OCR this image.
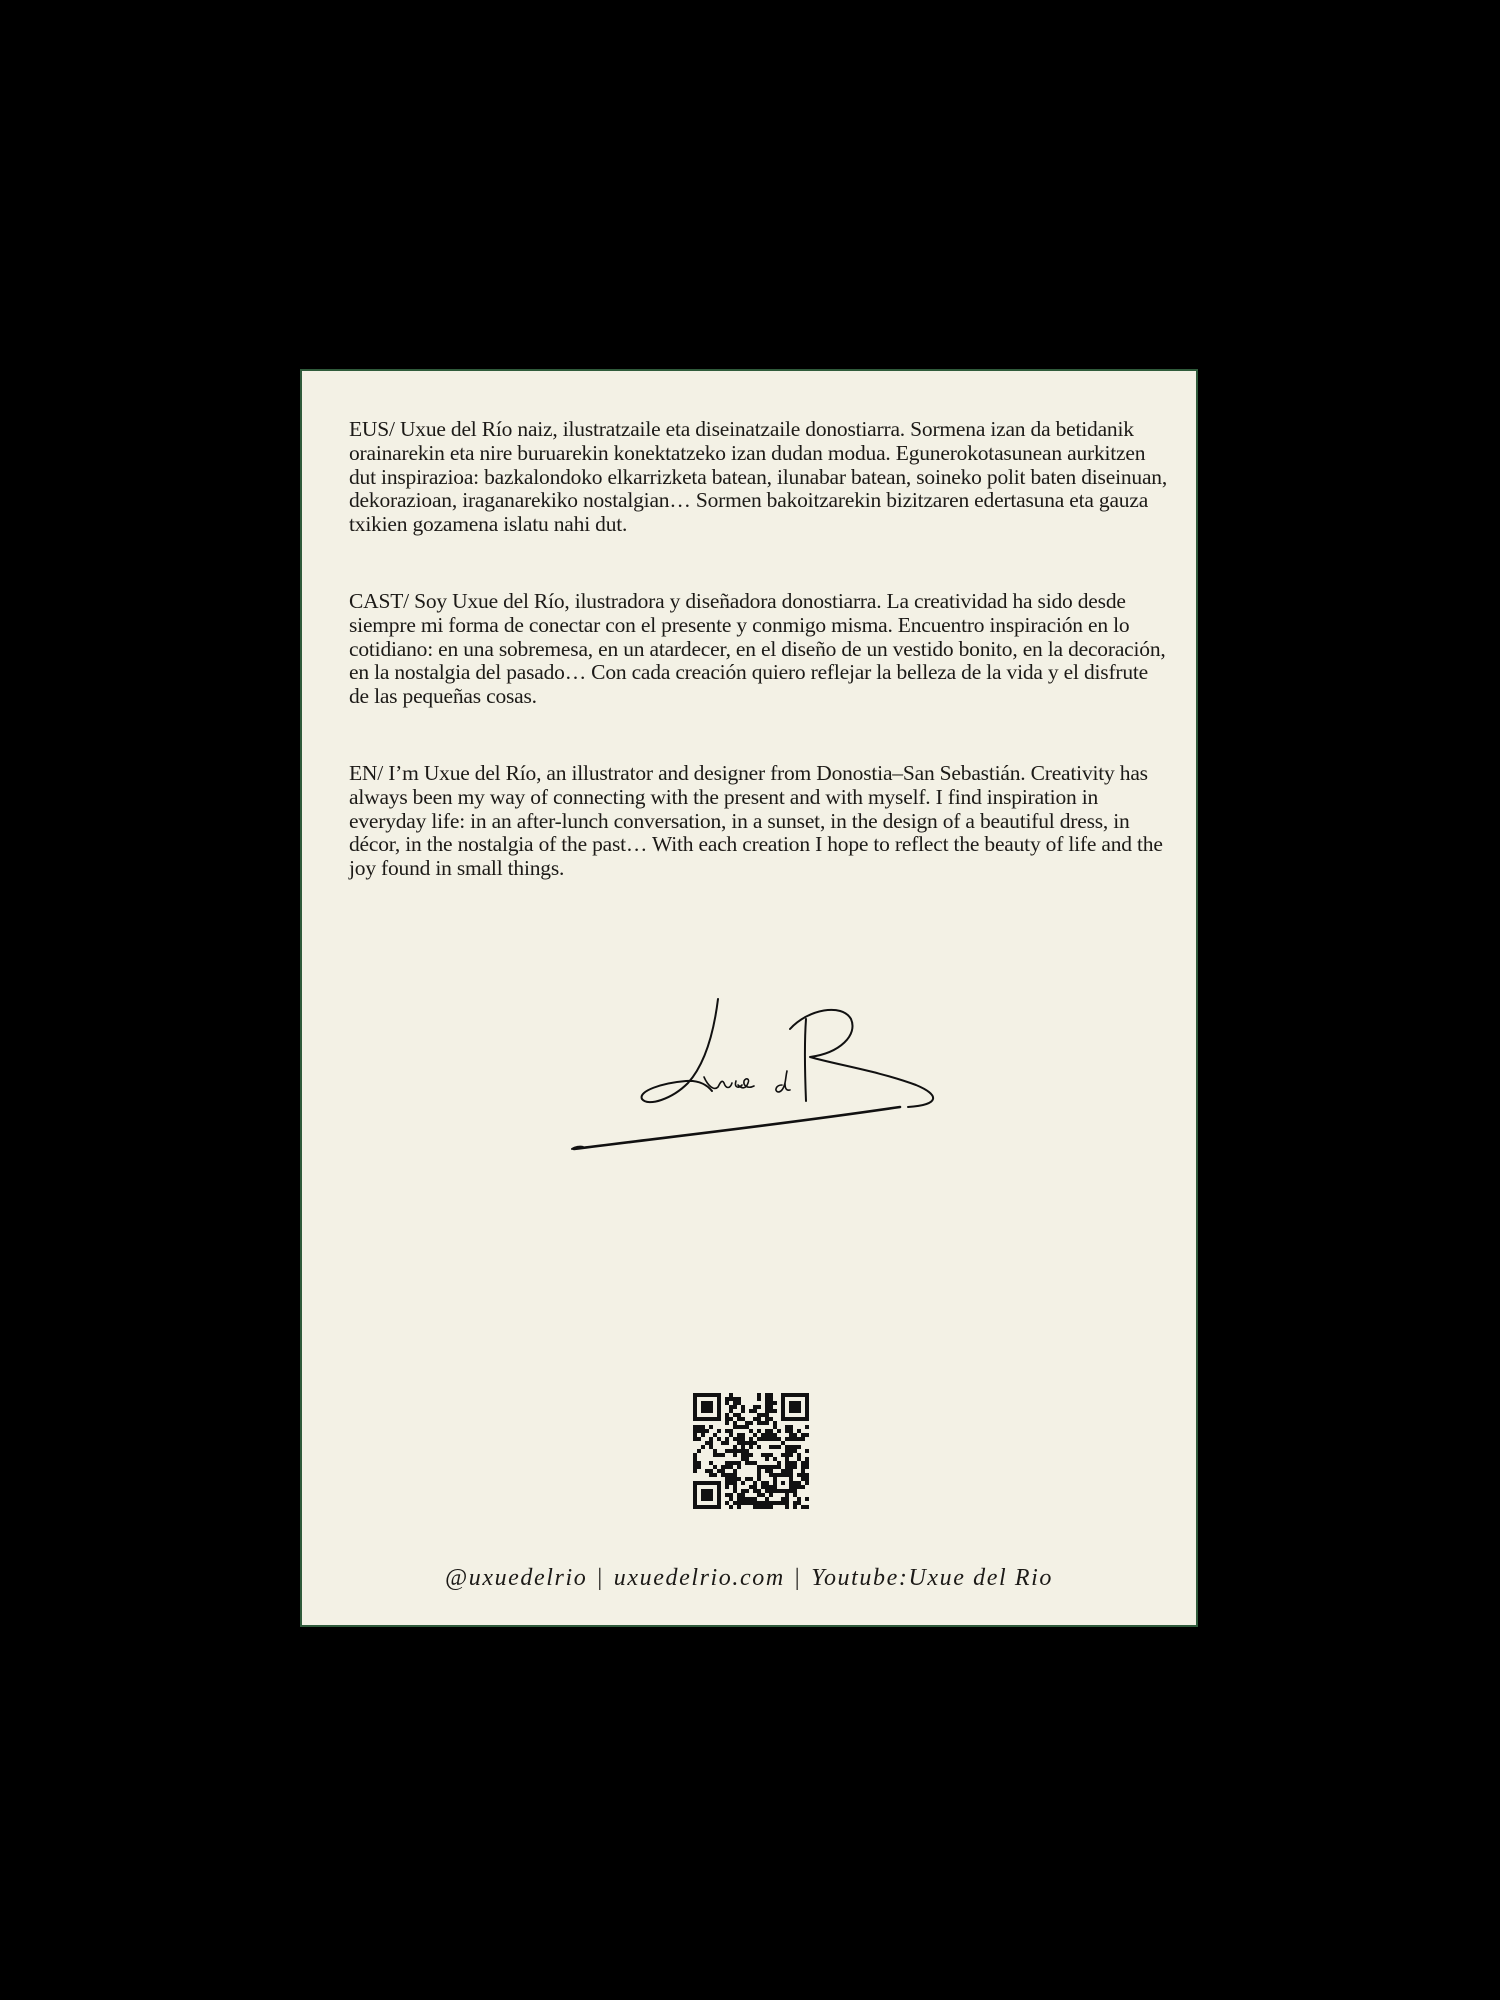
EUS/ Uxue del Río naiz, ilustratzaile eta diseinatzaile donostiarra. Sormena izan da betidanik orainarekin eta nire buruarekin konektatzeko izan dudan modua. Egunerokotasunean aurkitzen dut inspirazioa: bazkalondoko elkarrizketa batean, ilunabar batean, soineko polit baten diseinuan, dekorazioan, iraganarekiko nostalgian… Sormen bakoitzarekin bizitzaren edertasuna eta gauza txikien gozamena islatu nahi dut.

CAST/ Soy Uxue del Río, ilustradora y diseñadora donostiarra. La creatividad ha sido desde siempre mi forma de conectar con el presente y conmigo misma. Encuentro inspiración en lo cotidiano: en una sobremesa, en un atardecer, en el diseño de un vestido bonito, en la decoración, en la nostalgia del pasado… Con cada creación quiero reflejar la belleza de la vida y el disfrute de las pequeñas cosas.

EN/ I’m Uxue del Río, an illustrator and designer from Donostia–San Sebastián. Creativity has always been my way of connecting with the present and with myself. I find inspiration in everyday life: in an after-lunch conversation, in a sunset, in the design of a beautiful dress, in décor, in the nostalgia of the past… With each creation I hope to reflect the beauty of life and the joy found in small things.

@uxuedelrio | uxuedelrio.com | Youtube:Uxue del Rio
